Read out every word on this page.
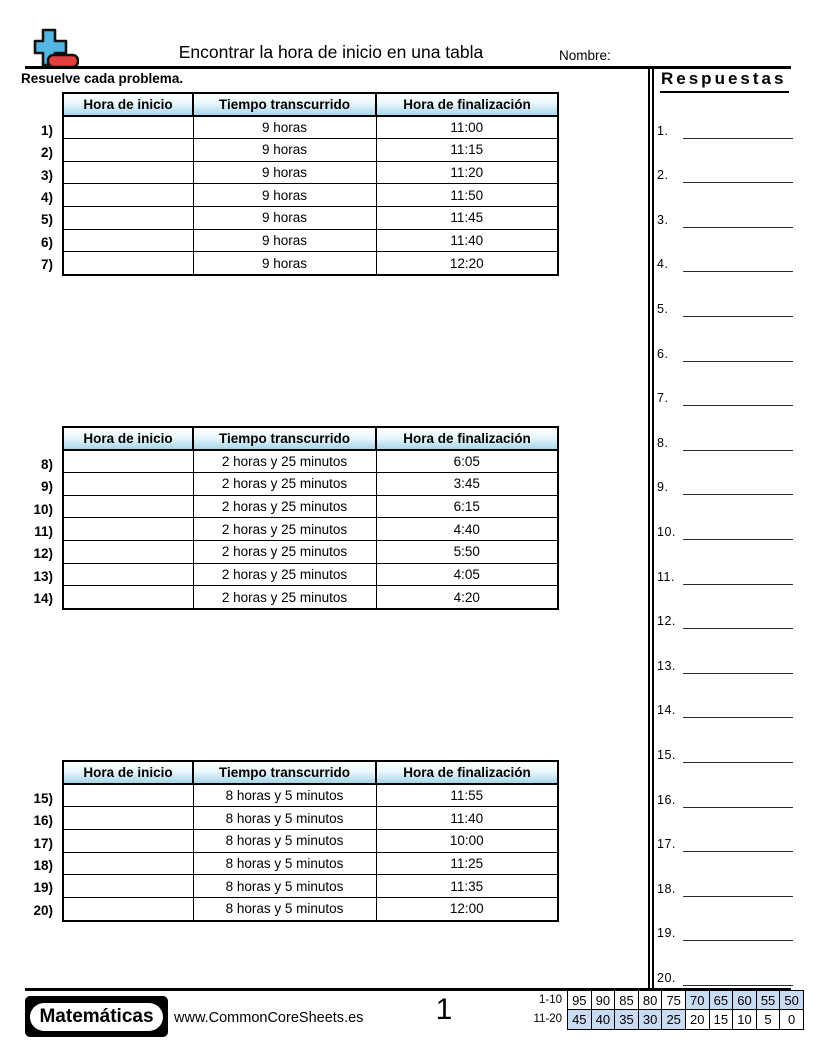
Encontrar la hora de inicio en una tabla	Nombre:
Resuelve cada problema.	Respuestas
1.
2.
3.
4.
5.
6.
7.
8.
9.
10.
11.
12.
13.
14.
15.
16.
17.
18.
19.
20.
1)
2)
3)
4)
5)
6)
7)
Hora de inicio	Tiempo transcurrido	Hora de finalización
	9 horas	11:00
	9 horas	11:15
	9 horas	11:20
	9 horas	11:50
	9 horas	11:45
	9 horas	11:40
	9 horas	12:20
8)
9)
10)
11)
12)
13)
14)
Hora de inicio	Tiempo transcurrido	Hora de finalización
	2 horas y 25 minutos	6:05
	2 horas y 25 minutos	3:45
	2 horas y 25 minutos	6:15
	2 horas y 25 minutos	4:40
	2 horas y 25 minutos	5:50
	2 horas y 25 minutos	4:05
	2 horas y 25 minutos	4:20
15)
16)
17)
18)
19)
20)
Hora de inicio	Tiempo transcurrido	Hora de finalización
	8 horas y 5 minutos	11:55
	8 horas y 5 minutos	11:40
	8 horas y 5 minutos	10:00
	8 horas y 5 minutos	11:25
	8 horas y 5 minutos	11:35
	8 horas y 5 minutos	12:00
Matemáticas	www.CommonCoreSheets.es	1	1-10	95	90	85	80	75	70	65	60	55	50
11-20	45	40	35	30	25	20	15	10	5	0
